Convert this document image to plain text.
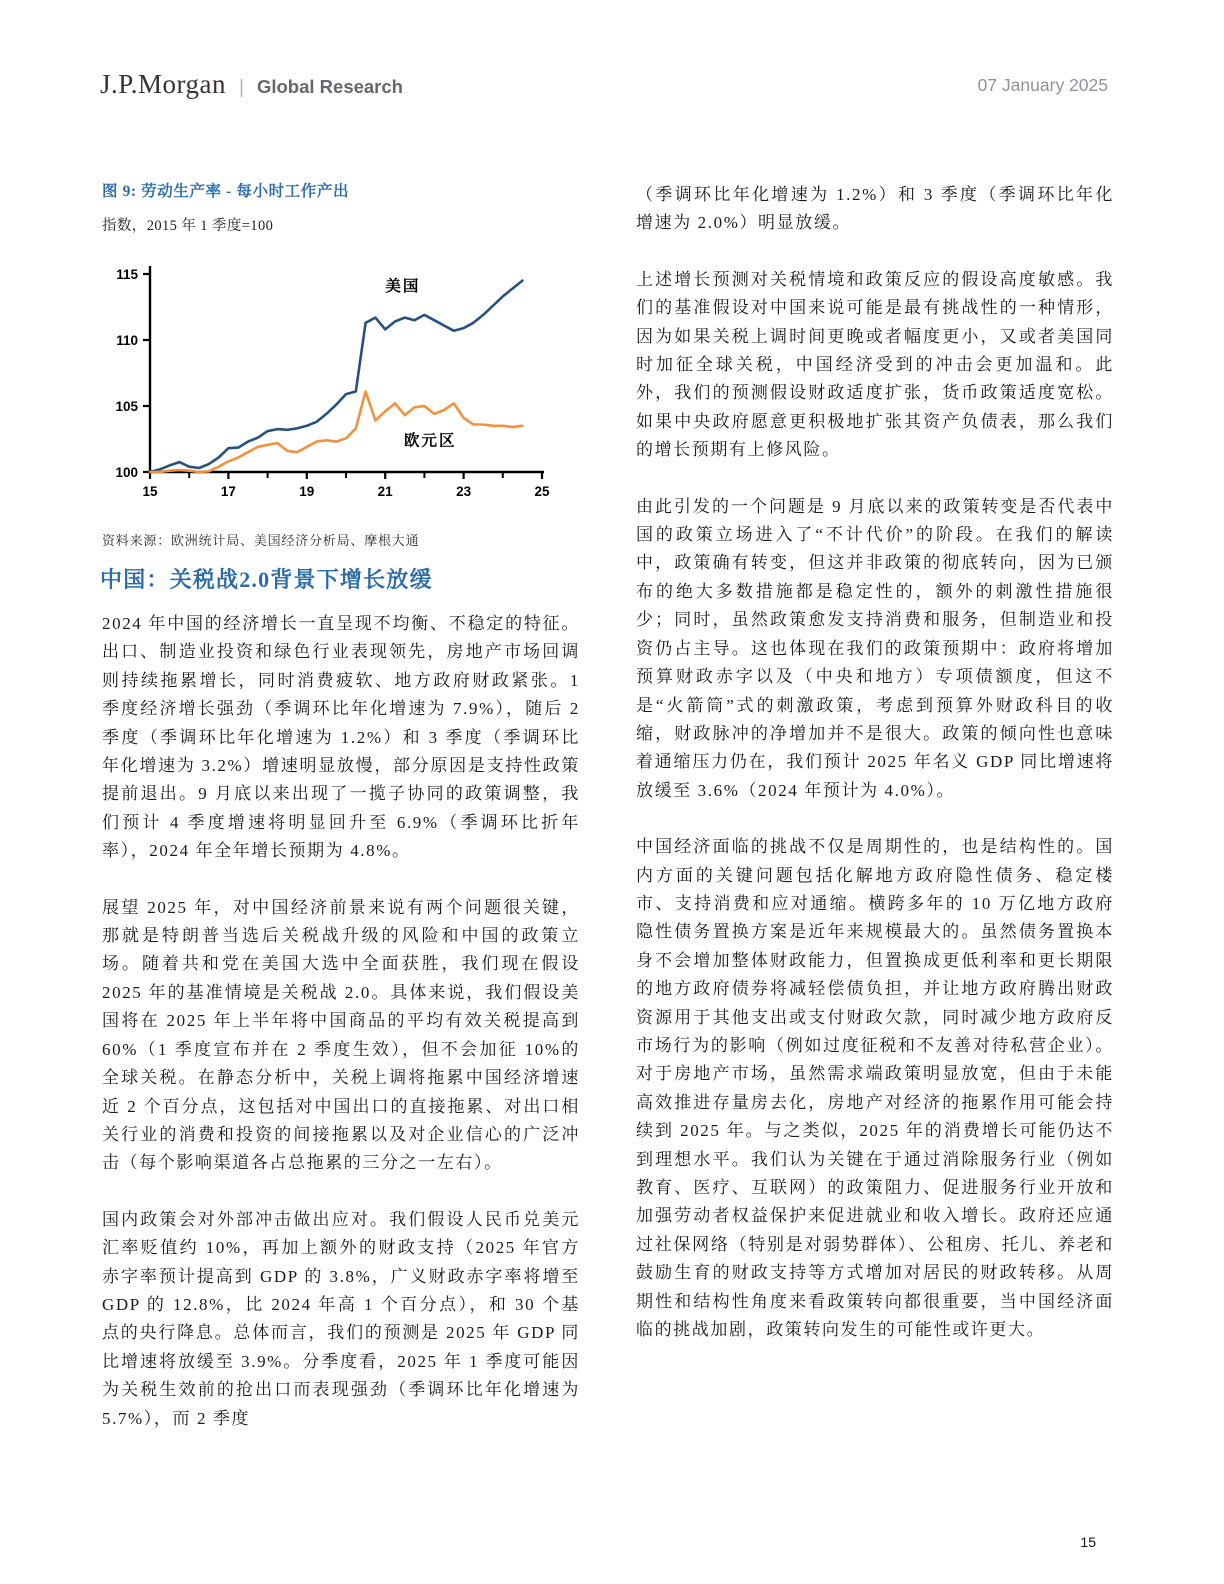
J.P.Morgan | Global Research	07 January 2025
图 9: 劳动生产率 - 每小时工作产出
指数，2015 年 1 季度=100
15	17	19	21	23	25
100
105
110
115
美国
欧元区
资料来源：欧洲统计局、美国经济分析局、摩根大通
中国：关税战2.0背景下增长放缓

2024 年中国的经济增长一直呈现不均衡、不稳定的特征。出口、制造业投资和绿色行业表现领先，房地产市场回调则持续拖累增长，同时消费疲软、地方政府财政紧张。1 季度经济增长强劲（季调环比年化增速为 7.9%），随后 2 季度（季调环比年化增速为 1.2%）和 3 季度（季调环比年化增速为 3.2%）增速明显放慢，部分原因是支持性政策提前退出。9 月底以来出现了一揽子协同的政策调整，我们预计 4 季度增速将明显回升至 6.9%（季调环比折年率），2024 年全年增长预期为 4.8%。

展望 2025 年，对中国经济前景来说有两个问题很关键，那就是特朗普当选后关税战升级的风险和中国的政策立场。随着共和党在美国大选中全面获胜，我们现在假设 2025 年的基准情境是关税战 2.0。具体来说，我们假设美国将在 2025 年上半年将中国商品的平均有效关税提高到 60%（1 季度宣布并在 2 季度生效），但不会加征 10%的全球关税。在静态分析中，关税上调将拖累中国经济增速近 2 个百分点，这包括对中国出口的直接拖累、对出口相关行业的消费和投资的间接拖累以及对企业信心的广泛冲击（每个影响渠道各占总拖累的三分之一左右）。

国内政策会对外部冲击做出应对。我们假设人民币兑美元汇率贬值约 10%，再加上额外的财政支持（2025 年官方赤字率预计提高到 GDP 的 3.8%，广义财政赤字率将增至 GDP 的 12.8%，比 2024 年高 1 个百分点），和 30 个基点的央行降息。总体而言，我们的预测是 2025 年 GDP 同比增速将放缓至 3.9%。分季度看，2025 年 1 季度可能因为关税生效前的抢出口而表现强劲（季调环比年化增速为 5.7%），而 2 季度

（季调环比年化增速为 1.2%）和 3 季度（季调环比年化增速为 2.0%）明显放缓。

上述增长预测对关税情境和政策反应的假设高度敏感。我们的基准假设对中国来说可能是最有挑战性的一种情形，因为如果关税上调时间更晚或者幅度更小，又或者美国同时加征全球关税，中国经济受到的冲击会更加温和。此外，我们的预测假设财政适度扩张，货币政策适度宽松。如果中央政府愿意更积极地扩张其资产负债表，那么我们的增长预期有上修风险。

由此引发的一个问题是 9 月底以来的政策转变是否代表中国的政策立场进入了“不计代价”的阶段。在我们的解读中，政策确有转变，但这并非政策的彻底转向，因为已颁布的绝大多数措施都是稳定性的，额外的刺激性措施很少；同时，虽然政策愈发支持消费和服务，但制造业和投资仍占主导。这也体现在我们的政策预期中：政府将增加预算财政赤字以及（中央和地方）专项债额度，但这不是“火箭筒”式的刺激政策，考虑到预算外财政科目的收缩，财政脉冲的净增加并不是很大。政策的倾向性也意味着通缩压力仍在，我们预计 2025 年名义 GDP 同比增速将放缓至 3.6%（2024 年预计为 4.0%）。

中国经济面临的挑战不仅是周期性的，也是结构性的。国内方面的关键问题包括化解地方政府隐性债务、稳定楼市、支持消费和应对通缩。横跨多年的 10 万亿地方政府隐性债务置换方案是近年来规模最大的。虽然债务置换本身不会增加整体财政能力，但置换成更低利率和更长期限的地方政府债券将减轻偿债负担，并让地方政府腾出财政资源用于其他支出或支付财政欠款，同时减少地方政府反市场行为的影响（例如过度征税和不友善对待私营企业）。对于房地产市场，虽然需求端政策明显放宽，但由于未能高效推进存量房去化，房地产对经济的拖累作用可能会持续到 2025 年。与之类似，2025 年的消费增长可能仍达不到理想水平。我们认为关键在于通过消除服务行业（例如教育、医疗、互联网）的政策阻力、促进服务行业开放和加强劳动者权益保护来促进就业和收入增长。政府还应通过社保网络（特别是对弱势群体）、公租房、托儿、养老和鼓励生育的财政支持等方式增加对居民的财政转移。从周期性和结构性角度来看政策转向都很重要，当中国经济面临的挑战加剧，政策转向发生的可能性或许更大。

15
